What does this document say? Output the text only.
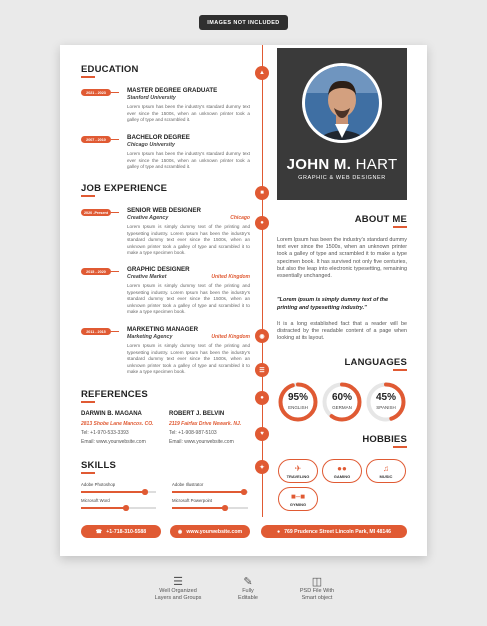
IMAGES NOT INCLUDED
▲
■
●
◉
☰
●
♥
✦
EDUCATION
2021 - 2023	MASTER DEGREE GRADUATE
Stanford University
Lorem Ipsum has been the industry's standard dummy text ever since the 1500s, when an unknown printer took a galley of type and scrambled it.
2007 - 2010	BACHELOR DEGREE
Chicago University
Lorem Ipsum has been the industry's standard dummy text ever since the 1500s, when an unknown printer took a galley of type and scrambled it.
JOB EXPERIENCE
2020 -Present	SENIOR WEB DESIGNER
Creative Agency	Chicago
Lorem Ipsum is simply dummy text of the printing and typesetting industry. Lorem Ipsum has been the industry's standard dummy text ever since the 1500s, when an unknown printer took a galley of type and scrambled it to make a type specimen book.
2015 - 2020	GRAPHIC DESIGNER
Creative Market	United Kingdom
Lorem Ipsum is simply dummy text of the printing and typesetting industry. Lorem Ipsum has been the industry's standard dummy text ever since the 1500s, when an unknown printer took a galley of type and scrambled it to make a type specimen book.
2011 - 2015	MARKETING MANAGER
Marketing Agency	United Kingdom
Lorem Ipsum is simply dummy text of the printing and typesetting industry. Lorem Ipsum has been the industry's standard dummy text ever since the 1500s, when an unknown printer took a galley of type and scrambled it to make a type specimen book.
REFERENCES
DARWIN B. MAGANA
2813 Shobe Lane Mancos. CO.
Tel: +1-970-533-3393
Email: www.yourwebsite.com
ROBERT J. BELVIN
2119 Fairfax Drive Newark. NJ.
Tel: +1-908-987-5103
Email: www.yourwebsite.com
SKILLS
Adobe Photoshop	Adobe Illustrator
Microsoft Word	Microsoft Powerpoint
☎ +1-718-310-5588	◉ www.yourwebsite.com	● 769 Prudence Street Lincoln Park, MI 48146
JOHN M. HART
GRAPHIC & WEB DESIGNER
ABOUT ME
Lorem Ipsum has been the industry's standard dummy text ever since the 1500s, when an unknown printer took a galley of type and scrambled it to make a type specimen book. It has survived not only five centuries, but also the leap into electronic typesetting, remaining essentially unchanged.
"Lorem ipsum is simply dummy text of the printing and typesetting industry."
It is a long established fact that a reader will be distracted by the readable content of a page when looking at its layout.
LANGUAGES
95%
ENGLISH
60%
GERMAN
45%
SPANISH
HOBBIES
✈
TRAVELING
●●
GAMING
♫
MUSIC
■–■
GYMING
☰
Well Organized
Layers and Groups
✎
Fully
Editable
◫
PSD File With
Smart object
